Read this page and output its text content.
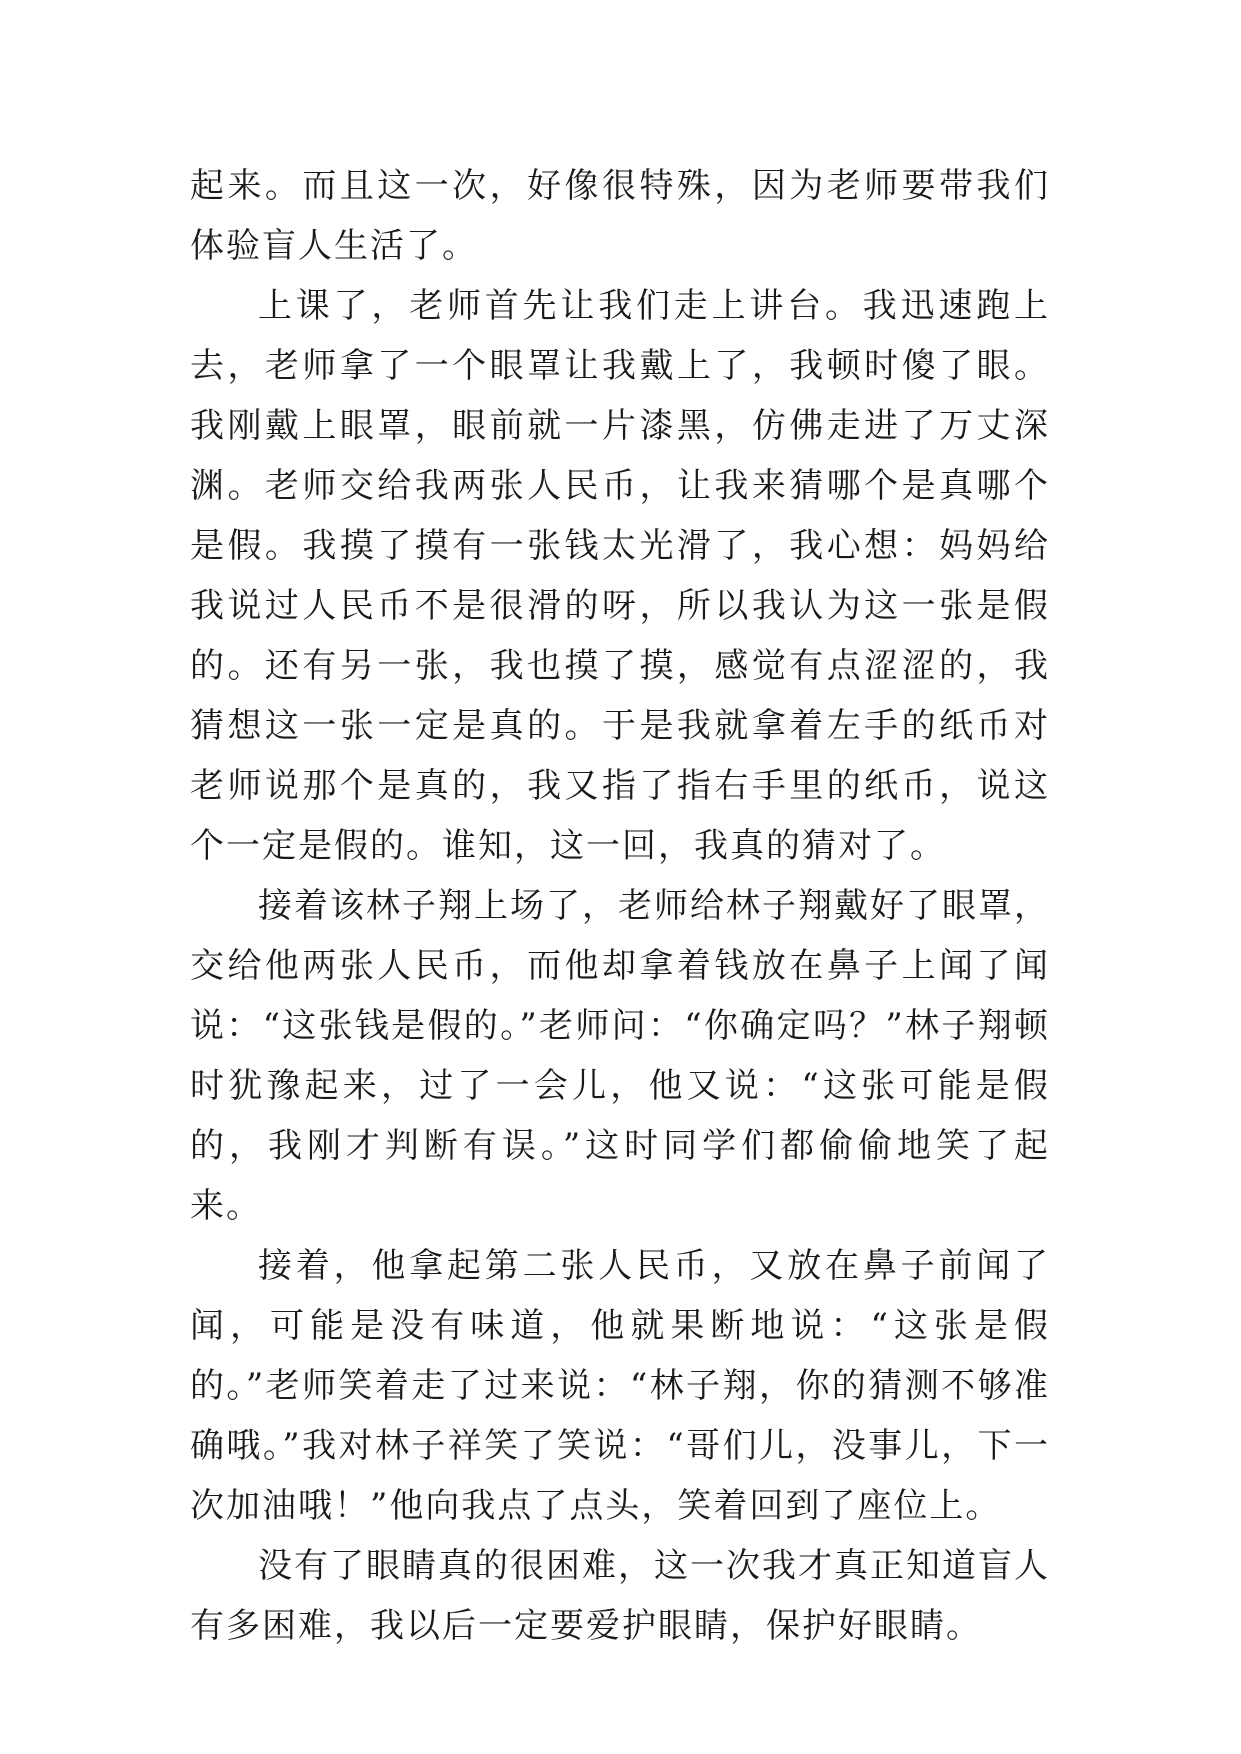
起来。而且这一次，好像很特殊，因为老师要带我们体验盲人生活了。

上课了，老师首先让我们走上讲台。我迅速跑上去，老师拿了一个眼罩让我戴上了，我顿时傻了眼。我刚戴上眼罩，眼前就一片漆黑，仿佛走进了万丈深渊。老师交给我两张人民币，让我来猜哪个是真哪个是假。我摸了摸有一张钱太光滑了，我心想：妈妈给我说过人民币不是很滑的呀，所以我认为这一张是假的。还有另一张，我也摸了摸，感觉有点涩涩的，我猜想这一张一定是真的。于是我就拿着左手的纸币对老师说那个是真的，我又指了指右手里的纸币，说这个一定是假的。谁知，这一回，我真的猜对了。

接着该林子翔上场了，老师给林子翔戴好了眼罩，交给他两张人民币，而他却拿着钱放在鼻子上闻了闻说：“这张钱是假的。”老师问：“你确定吗？”林子翔顿时犹豫起来，过了一会儿，他又说：“这张可能是假的，我刚才判断有误。”这时同学们都偷偷地笑了起来。

接着，他拿起第二张人民币，又放在鼻子前闻了闻，可能是没有味道，他就果断地说：“这张是假的。”老师笑着走了过来说：“林子翔，你的猜测不够准确哦。”我对林子祥笑了笑说：“哥们儿，没事儿，下一次加油哦！”他向我点了点头，笑着回到了座位上。

没有了眼睛真的很困难，这一次我才真正知道盲人有多困难，我以后一定要爱护眼睛，保护好眼睛。
